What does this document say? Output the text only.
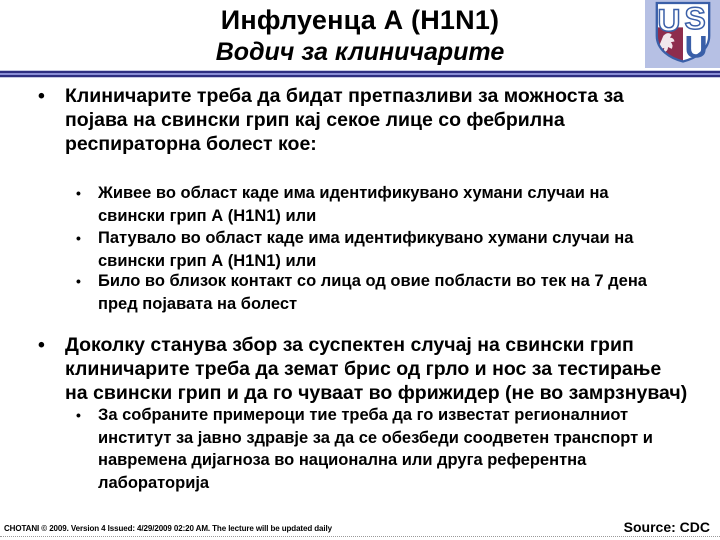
Инфлуенца А (H1N1)
Водич за клиничарите
U S
U
•	Клиничарите треба да бидат претпазливи за можноста за
појава на свински грип кај секое лице со фебрилна
респираторна болест кое:
•	Живее во област каде има идентификувано хумани случаи на
свински грип А (H1N1) или
•	Патувало во област каде има идентификувано хумани случаи на
свински грип А (H1N1) или
•	Било во близок контакт со лица од овие побласти во тек на 7 дена
пред појавата на болест
•	Доколку станува збор за суспектен случај на свински грип
клиничарите треба да земат брис од грло и нос за тестирање
на свински грип и да го чуваат во фрижидер (не во замрзнувач)
•	За собраните примероци тие треба да го известат регионалниот
институт за јавно здравје за да се обезбеди соодветен транспорт и
навремена дијагноза во национална или друга референтна
лабораторија
CHOTANI © 2009. Version 4 Issued: 4/29/2009 02:20 AM. The lecture will be updated daily	Source: CDC
